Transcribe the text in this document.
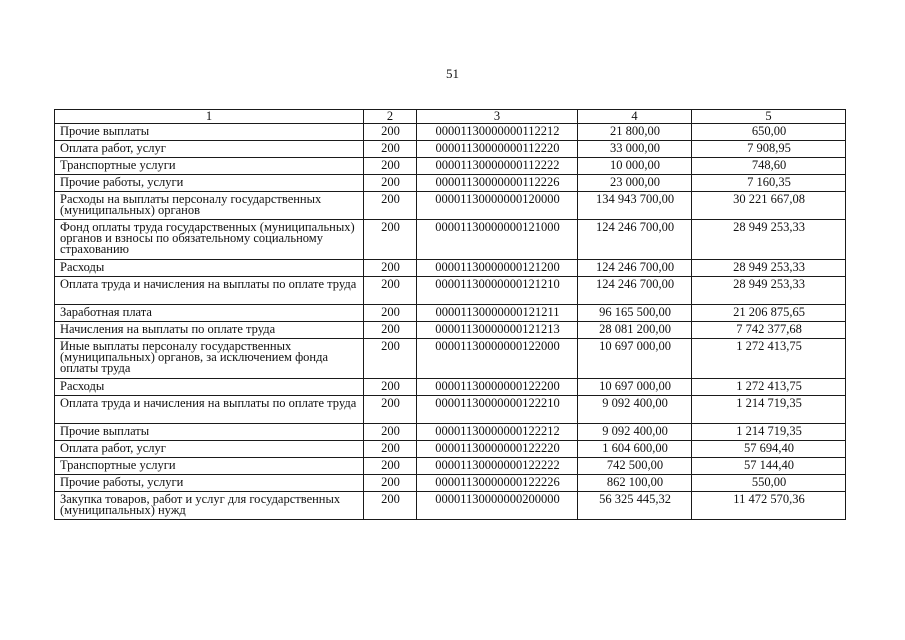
51
1	2	3	4	5
Прочие выплаты	200	00001130000000112212	21 800,00	650,00
Оплата работ, услуг	200	00001130000000112220	33 000,00	7 908,95
Транспортные услуги	200	00001130000000112222	10 000,00	748,60
Прочие работы, услуги	200	00001130000000112226	23 000,00	7 160,35
Расходы на выплаты персоналу государственных (муниципальных) органов	200	00001130000000120000	134 943 700,00	30 221 667,08
Фонд оплаты труда государственных (муниципальных) органов и взносы по обязательному социальному страхованию	200	00001130000000121000	124 246 700,00	28 949 253,33
Расходы	200	00001130000000121200	124 246 700,00	28 949 253,33
Оплата труда и начисления на выплаты по оплате труда	200	00001130000000121210	124 246 700,00	28 949 253,33
Заработная плата	200	00001130000000121211	96 165 500,00	21 206 875,65
Начисления на выплаты по оплате труда	200	00001130000000121213	28 081 200,00	7 742 377,68
Иные выплаты персоналу государственных (муниципальных) органов, за исключением фонда оплаты труда	200	00001130000000122000	10 697 000,00	1 272 413,75
Расходы	200	00001130000000122200	10 697 000,00	1 272 413,75
Оплата труда и начисления на выплаты по оплате труда	200	00001130000000122210	9 092 400,00	1 214 719,35
Прочие выплаты	200	00001130000000122212	9 092 400,00	1 214 719,35
Оплата работ, услуг	200	00001130000000122220	1 604 600,00	57 694,40
Транспортные услуги	200	00001130000000122222	742 500,00	57 144,40
Прочие работы, услуги	200	00001130000000122226	862 100,00	550,00
Закупка товаров, работ и услуг для государственных (муниципальных) нужд	200	00001130000000200000	56 325 445,32	11 472 570,36
